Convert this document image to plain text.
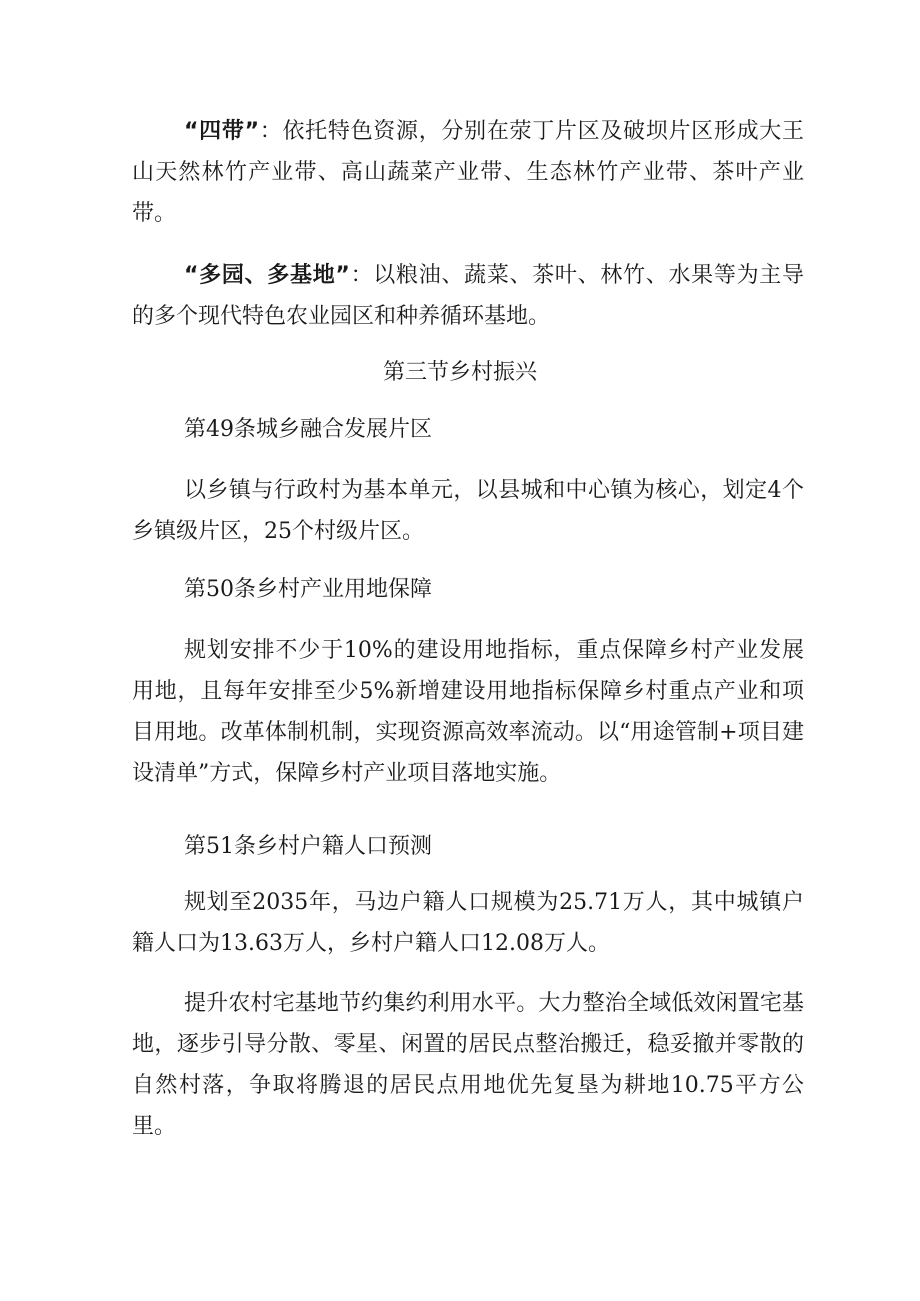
“四带”：依托特色资源，分别在荥丁片区及破坝片区形成大王山天然林竹产业带、高山蔬菜产业带、生态林竹产业带、茶叶产业带。

“多园、多基地”：以粮油、蔬菜、茶叶、林竹、水果等为主导的多个现代特色农业园区和种养循环基地。

第三节乡村振兴

第49条城乡融合发展片区

以乡镇与行政村为基本单元，以县城和中心镇为核心，划定4个乡镇级片区，25个村级片区。

第50条乡村产业用地保障

规划安排不少于10%的建设用地指标，重点保障乡村产业发展用地，且每年安排至少5%新增建设用地指标保障乡村重点产业和项目用地。改革体制机制，实现资源高效率流动。以“用途管制+项目建设清单”方式，保障乡村产业项目落地实施。

第51条乡村户籍人口预测

规划至2035年，马边户籍人口规模为25.71万人，其中城镇户籍人口为13.63万人，乡村户籍人口12.08万人。

提升农村宅基地节约集约利用水平。大力整治全域低效闲置宅基地，逐步引导分散、零星、闲置的居民点整治搬迁，稳妥撤并零散的自然村落，争取将腾退的居民点用地优先复垦为耕地10.75平方公里。
